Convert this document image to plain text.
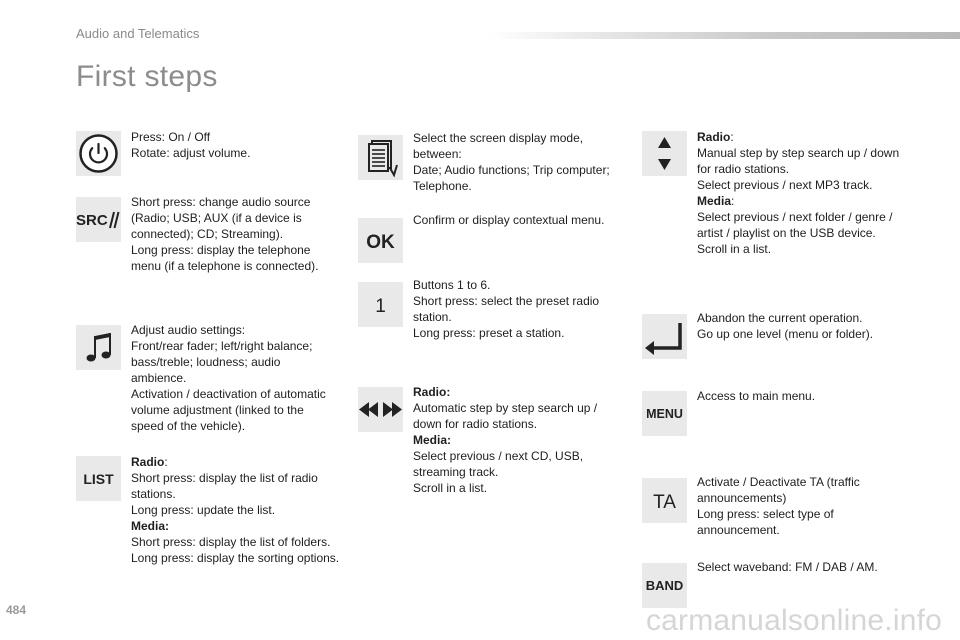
Audio and Telematics
First steps

Press: On / Off

Rotate: adjust volume.

SRC

Short press: change audio source (Radio; USB; AUX (if a device is connected); CD; Streaming).

Long press: display the telephone menu (if a telephone is connected).

Adjust audio settings:

Front/rear fader; left/right balance; bass/treble; loudness; audio ambience.

Activation / deactivation of automatic volume adjustment (linked to the speed of the vehicle).

LIST

Radio:

Short press: display the list of radio stations.

Long press: update the list.

Media:

Short press: display the list of folders.

Long press: display the sorting options.

Select the screen display mode, between:

Date; Audio functions; Trip computer; Telephone.

OK

Confirm or display contextual menu.

1

Buttons 1 to 6.

Short press: select the preset radio station.

Long press: preset a station.

Radio:

Automatic step by step search up / down for radio stations.

Media:

Select previous / next CD, USB, streaming track.

Scroll in a list.

Radio:

Manual step by step search up / down for radio stations.

Select previous / next MP3 track.

Media:

Select previous / next folder / genre / artist / playlist on the USB device.

Scroll in a list.

Abandon the current operation.

Go up one level (menu or folder).

MENU

Access to main menu.

TA

Activate / Deactivate TA (traffic announcements)

Long press: select type of announcement.

BAND

Select waveband: FM / DAB / AM.

484	carmanualsonline.info
